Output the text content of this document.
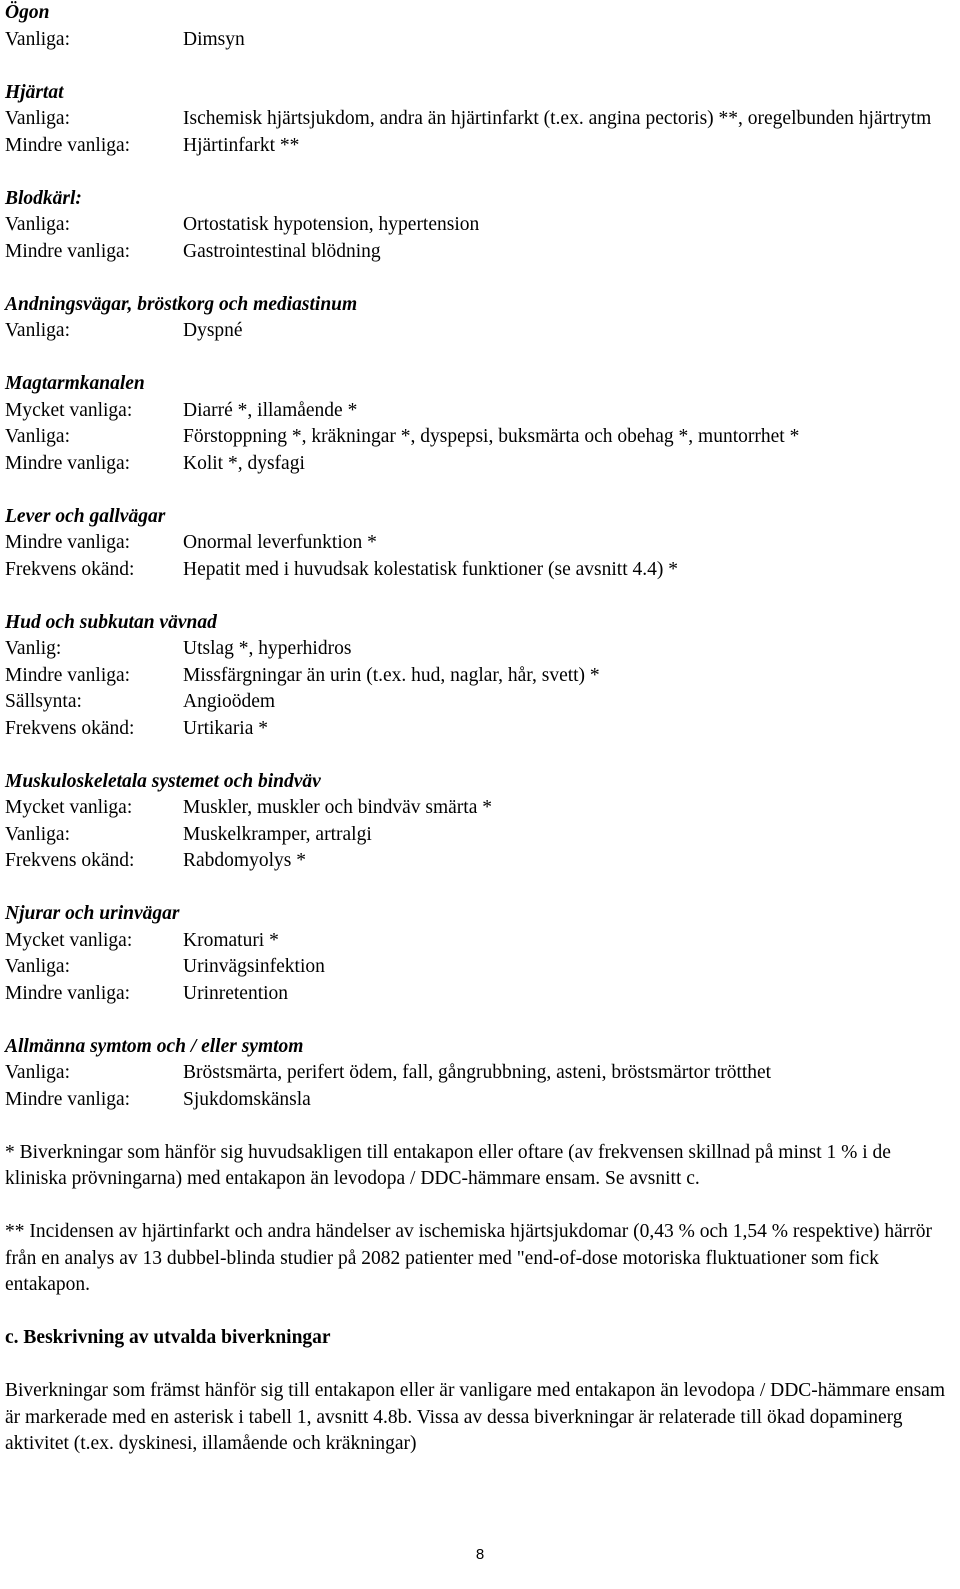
Ögon
Vanliga:	Dimsyn
Hjärtat
Vanliga:	Ischemisk hjärtsjukdom, andra än hjärtinfarkt (t.ex. angina pectoris) **, oregelbunden hjärtrytm
Mindre vanliga:	Hjärtinfarkt **
Blodkärl:
Vanliga:	Ortostatisk hypotension, hypertension
Mindre vanliga:	Gastrointestinal blödning
Andningsvägar, bröstkorg och mediastinum
Vanliga:	Dyspné
Magtarmkanalen
Mycket vanliga:	Diarré *, illamående *
Vanliga:	Förstoppning *, kräkningar *, dyspepsi, buksmärta och obehag *, muntorrhet *
Mindre vanliga:	Kolit *, dysfagi
Lever och gallvägar
Mindre vanliga:	Onormal leverfunktion *
Frekvens okänd:	Hepatit med i huvudsak kolestatisk funktioner (se avsnitt 4.4) *
Hud och subkutan vävnad
Vanlig:	Utslag *, hyperhidros
Mindre vanliga:	Missfärgningar än urin (t.ex. hud, naglar, hår, svett) *
Sällsynta:	Angioödem
Frekvens okänd:	Urtikaria *
Muskuloskeletala systemet och bindväv
Mycket vanliga:	Muskler, muskler och bindväv smärta *
Vanliga:	Muskelkramper, artralgi
Frekvens okänd:	Rabdomyolys *
Njurar och urinvägar
Mycket vanliga:	Kromaturi *
Vanliga:	Urinvägsinfektion
Mindre vanliga:	Urinretention
Allmänna symtom och / eller symtom
Vanliga:	Bröstsmärta, perifert ödem, fall, gångrubbning, asteni, bröstsmärtor trötthet
Mindre vanliga:	Sjukdomskänsla

* Biverkningar som hänför sig huvudsakligen till entakapon eller oftare (av frekvensen skillnad på minst 1 % i de kliniska prövningarna) med entakapon än levodopa / DDC-hämmare ensam. Se avsnitt c.

** Incidensen av hjärtinfarkt och andra händelser av ischemiska hjärtsjukdomar (0,43 % och 1,54 % respektive) härrör från en analys av 13 dubbel-blinda studier på 2082 patienter med "end-of-dose motoriska fluktuationer som fick entakapon.

c. Beskrivning av utvalda biverkningar

Biverkningar som främst hänför sig till entakapon eller är vanligare med entakapon än levodopa / DDC-hämmare ensam är markerade med en asterisk i tabell 1, avsnitt 4.8b. Vissa av dessa biverkningar är relaterade till ökad dopaminerg aktivitet (t.ex. dyskinesi, illamående och kräkningar)

8
